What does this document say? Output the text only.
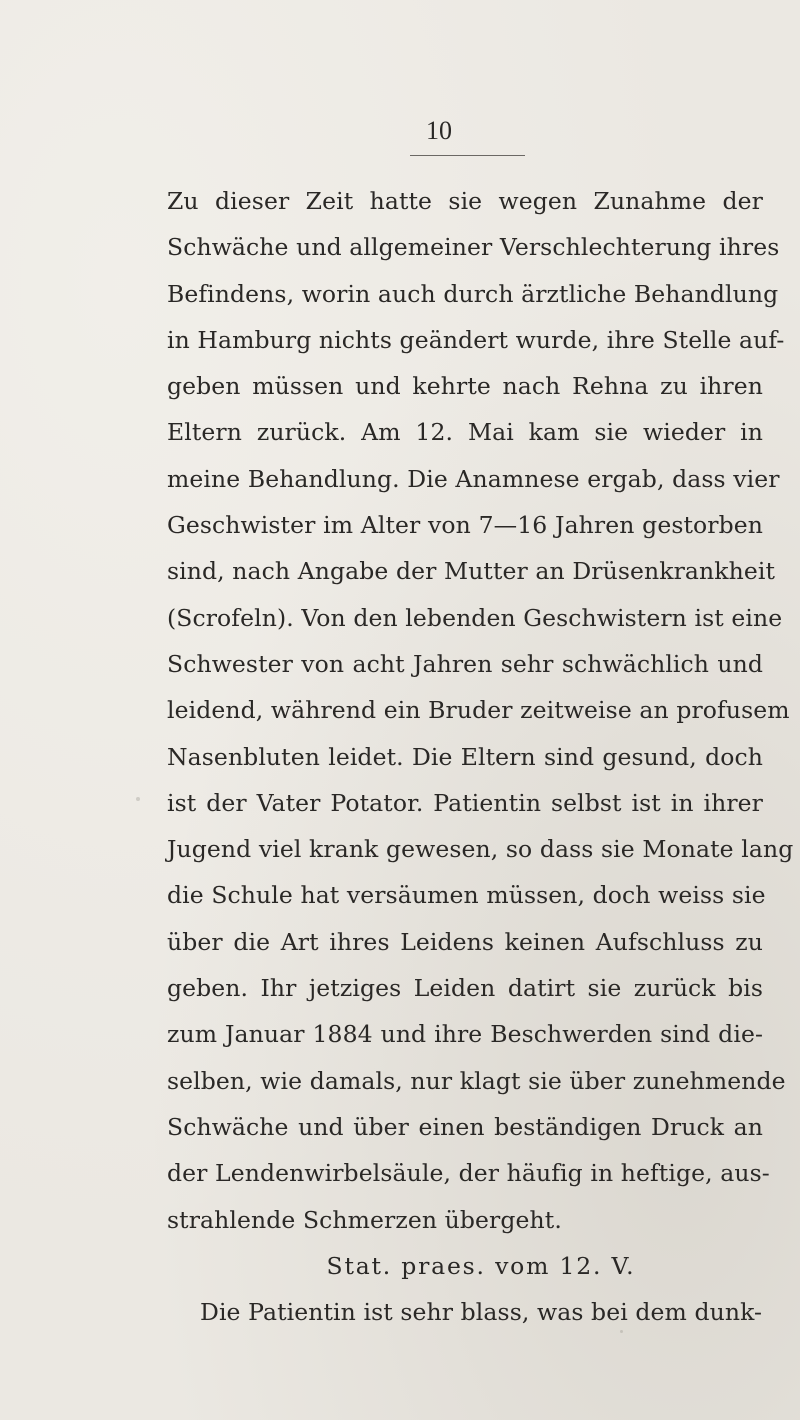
10
Zu dieser Zeit hatte sie wegen Zunahme der
Schwäche und allgemeiner Verschlechterung ihres
Befindens, worin auch durch ärztliche Behandlung
in Hamburg nichts geändert wurde, ihre Stelle auf-
geben müssen und kehrte nach Rehna zu ihren
Eltern zurück. Am 12. Mai kam sie wieder in
meine Behandlung. Die Anamnese ergab, dass vier
Geschwister im Alter von 7—16 Jahren gestorben
sind, nach Angabe der Mutter an Drüsenkrankheit
(Scrofeln). Von den lebenden Geschwistern ist eine
Schwester von acht Jahren sehr schwächlich und
leidend, während ein Bruder zeitweise an profusem
Nasenbluten leidet. Die Eltern sind gesund, doch
ist der Vater Potator. Patientin selbst ist in ihrer
Jugend viel krank gewesen, so dass sie Monate lang
die Schule hat versäumen müssen, doch weiss sie
über die Art ihres Leidens keinen Aufschluss zu
geben. Ihr jetziges Leiden datirt sie zurück bis
zum Januar 1884 und ihre Beschwerden sind die-
selben, wie damals, nur klagt sie über zunehmende
Schwäche und über einen beständigen Druck an
der Lendenwirbelsäule, der häufig in heftige, aus-
strahlende Schmerzen übergeht.
Stat. praes. vom 12. V.
Die Patientin ist sehr blass, was bei dem dunk-
